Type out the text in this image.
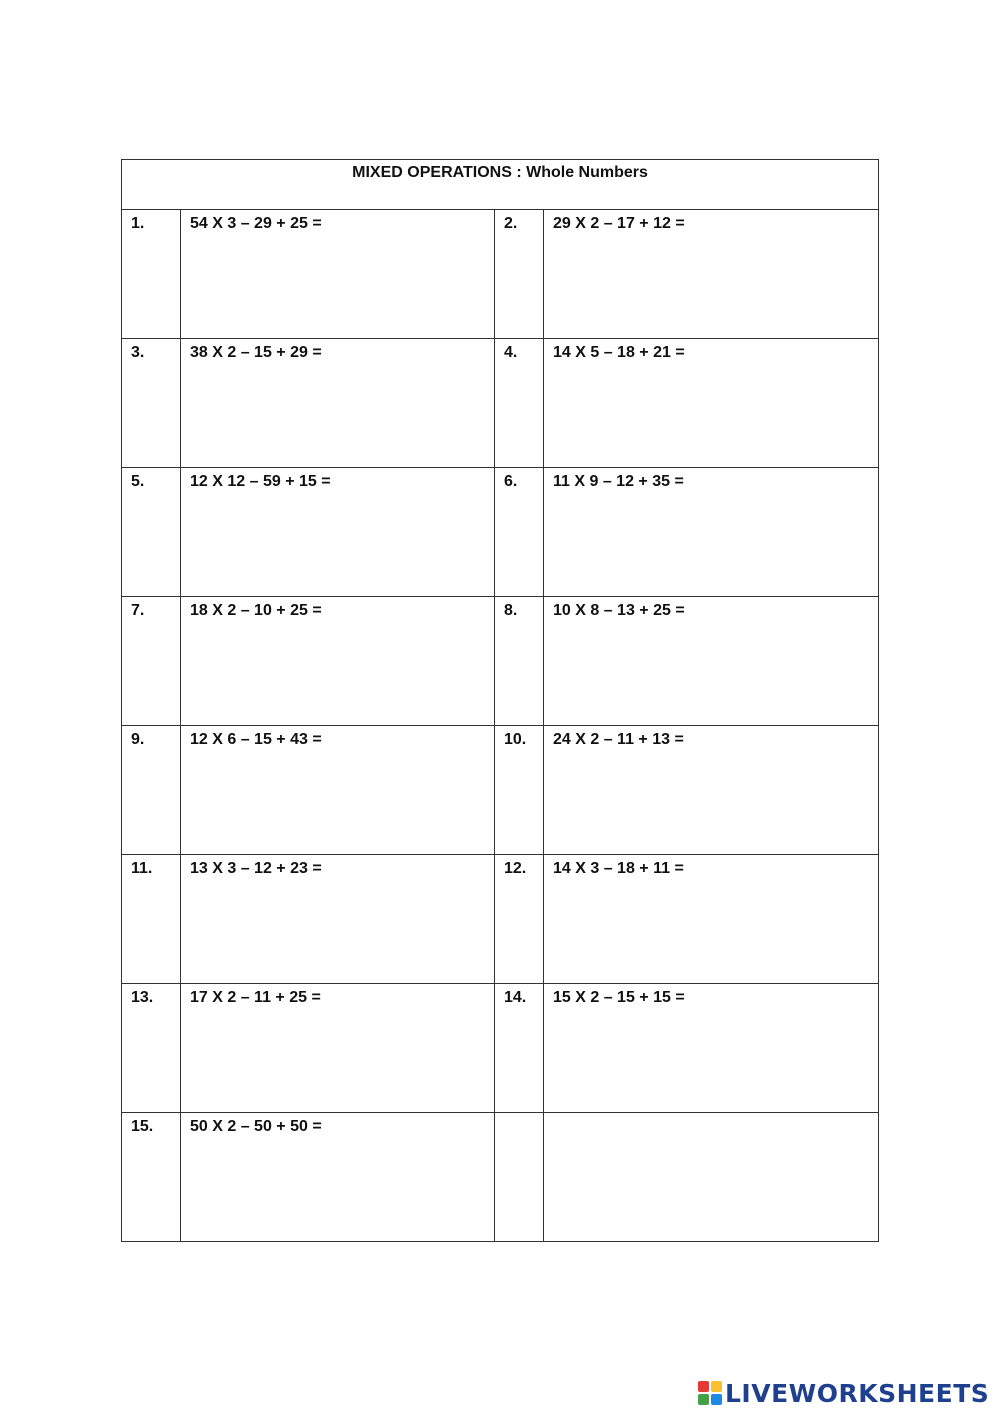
MIXED OPERATIONS : Whole Numbers			

1.	54 X 3 – 29 + 25 =	2.	29 X 2 – 17 + 12 =

3.	38 X 2 – 15 + 29 =	4.	14 X 5 – 18 + 21 =

5.	12 X 12 – 59 + 15 =	6.	11 X 9 – 12 + 35 =

7.	18 X 2 – 10 + 25 =	8.	10 X 8 – 13 + 25 =

9.	12 X 6 – 15 + 43 =	10.	24 X 2 – 11 + 13 =

11.	13 X 3 – 12 + 23 =	12.	14 X 3 – 18 + 11 =

13.	17 X 2 – 11 + 25 =	14.	15 X 2 – 15 + 15 =

15.	50 X 2 – 50 + 50 =		

LIVEWORKSHEETS
